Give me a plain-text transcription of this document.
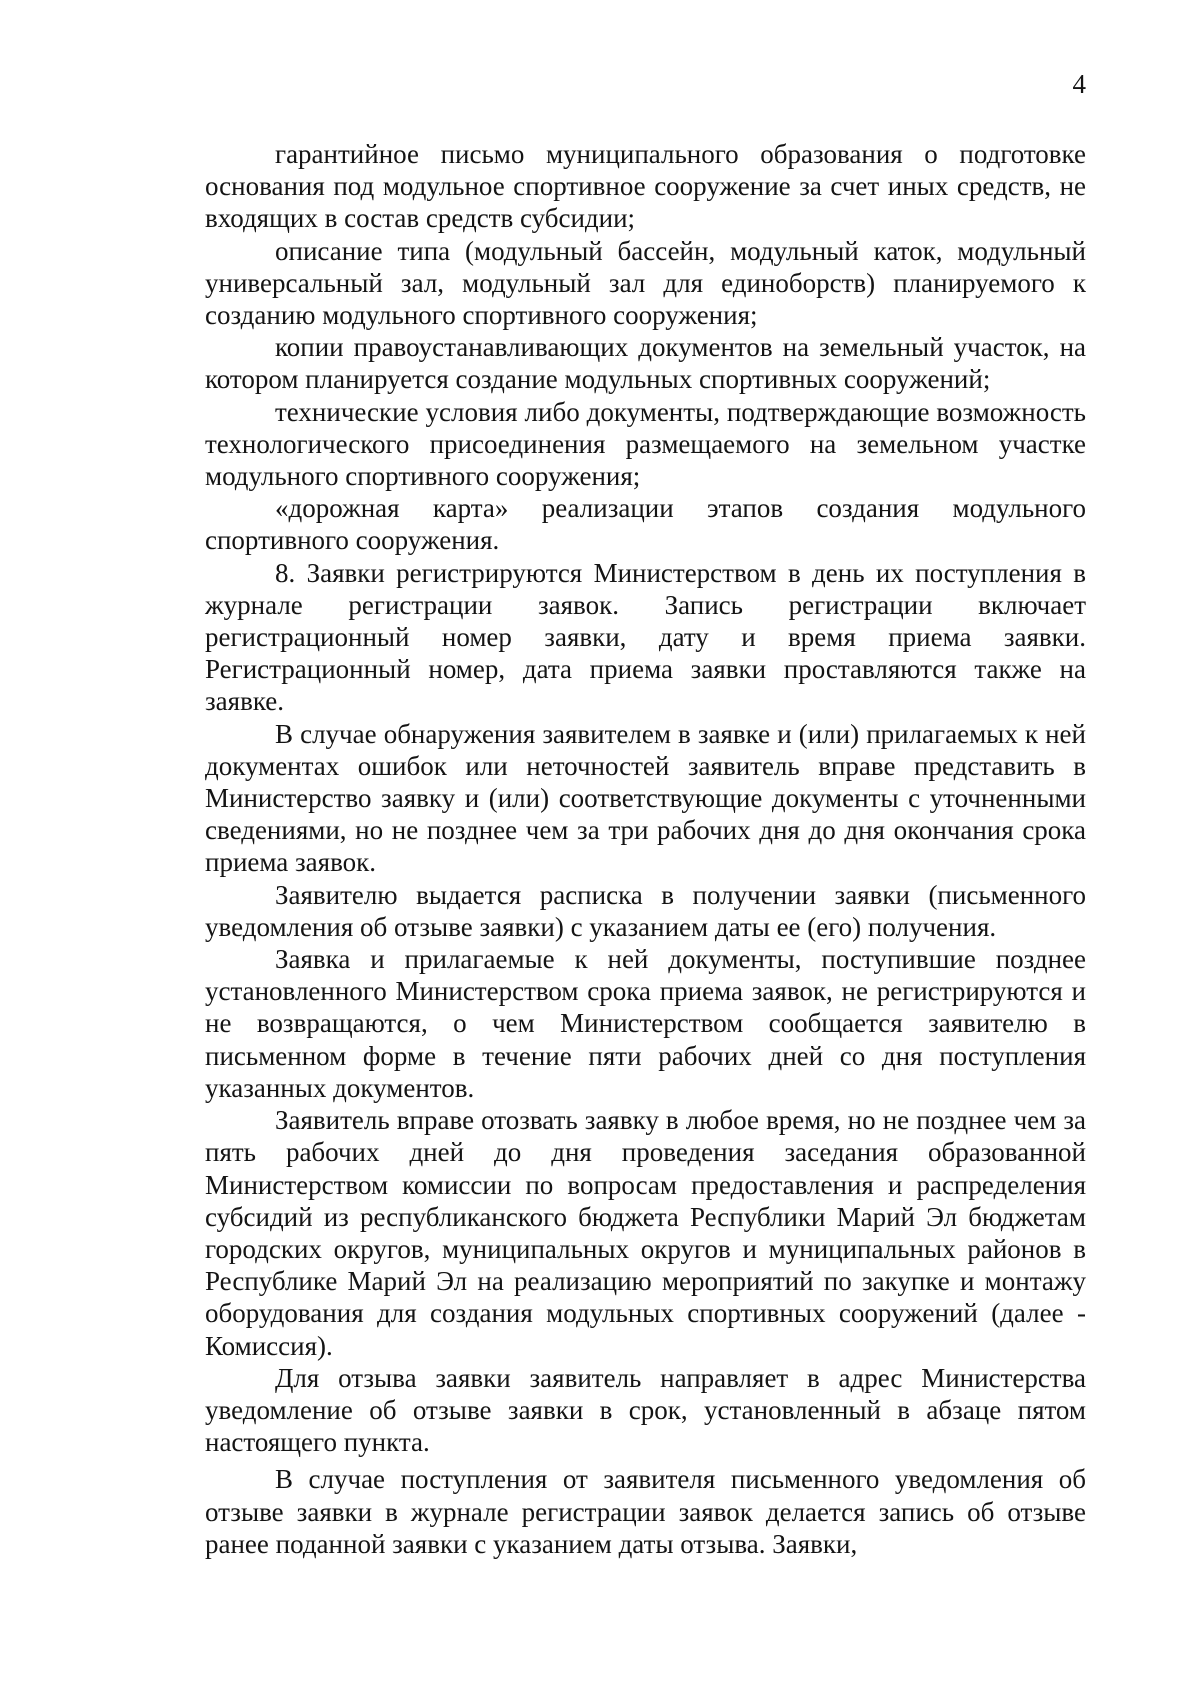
4

гарантийное письмо муниципального образования о подготовке основания под модульное спортивное сооружение за счет иных средств, не входящих в состав средств субсидии;

описание типа (модульный бассейн, модульный каток, модульный универсальный зал, модульный зал для единоборств) планируемого к созданию модульного спортивного сооружения;

копии правоустанавливающих документов на земельный участок, на котором планируется создание модульных спортивных сооружений;

технические условия либо документы, подтверждающие возможность технологического присоединения размещаемого на земельном участке модульного спортивного сооружения;

«дорожная карта» реализации этапов создания модульного спортивного сооружения.

8. Заявки регистрируются Министерством в день их поступления в журнале регистрации заявок. Запись регистрации включает регистрационный номер заявки, дату и время приема заявки. Регистрационный номер, дата приема заявки проставляются также на заявке.

В случае обнаружения заявителем в заявке и (или) прилагаемых к ней документах ошибок или неточностей заявитель вправе представить в Министерство заявку и (или) соответствующие документы с уточненными сведениями, но не позднее чем за три рабочих дня до дня окончания срока приема заявок.

Заявителю выдается расписка в получении заявки (письменного уведомления об отзыве заявки) с указанием даты ее (его) получения.

Заявка и прилагаемые к ней документы, поступившие позднее установленного Министерством срока приема заявок, не регистрируются и не возвращаются, о чем Министерством сообщается заявителю в письменном форме в течение пяти рабочих дней со дня поступления указанных документов.

Заявитель вправе отозвать заявку в любое время, но не позднее чем за пять рабочих дней до дня проведения заседания образованной Министерством комиссии по вопросам предоставления и распределения субсидий из республиканского бюджета Республики Марий Эл бюджетам городских округов, муниципальных округов и муниципальных районов в Республике Марий Эл на реализацию мероприятий по закупке и монтажу оборудования для создания модульных спортивных сооружений (далее - Комиссия).

Для отзыва заявки заявитель направляет в адрес Министерства уведомление об отзыве заявки в срок, установленный в абзаце пятом настоящего пункта.

В случае поступления от заявителя письменного уведомления об отзыве заявки в журнале регистрации заявок делается запись об отзыве ранее поданной заявки с указанием даты отзыва. Заявки,
